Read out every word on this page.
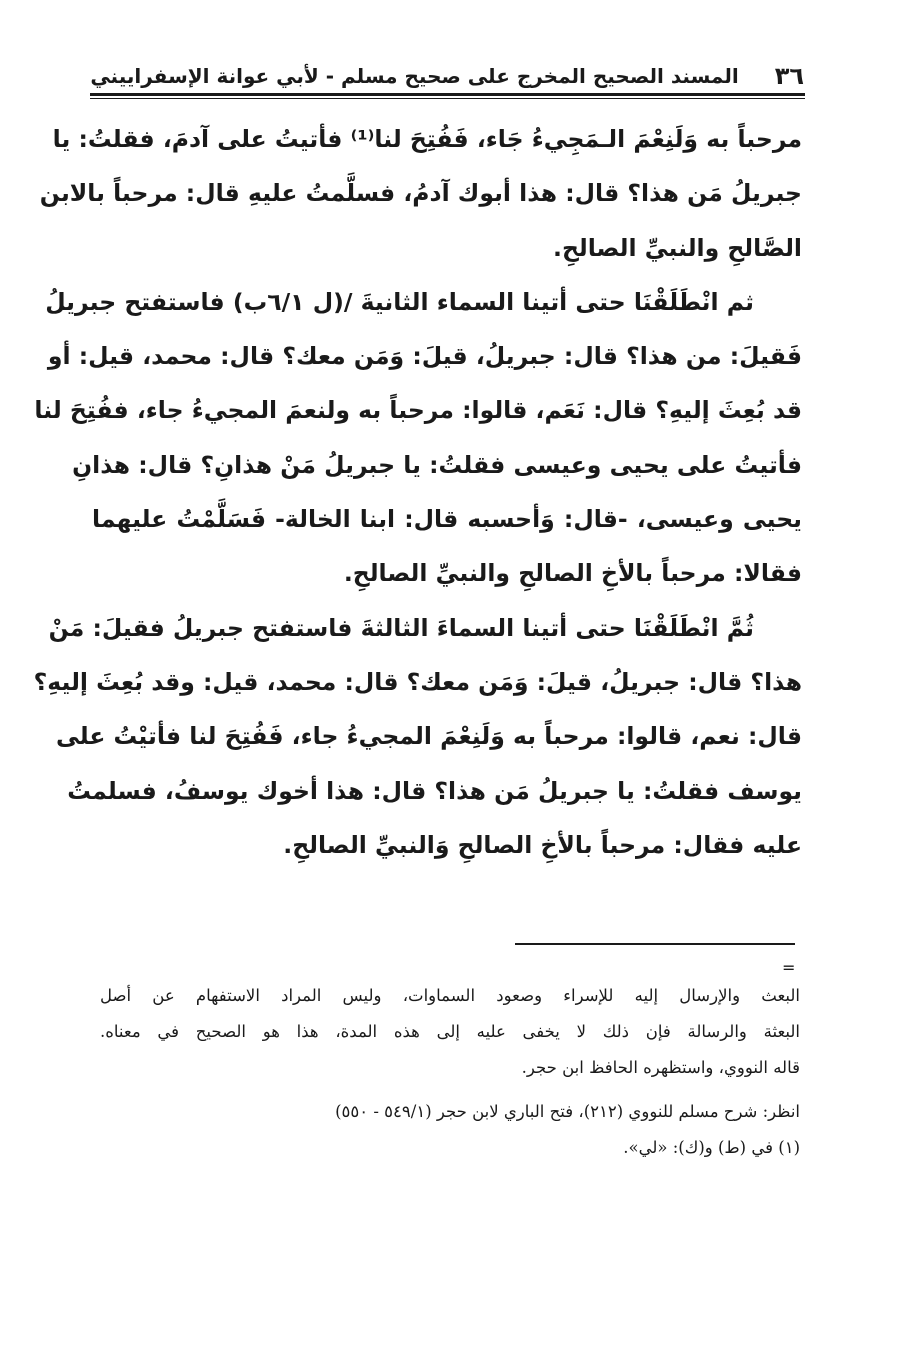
٣٦
المسند الصحيح المخرج على صحيح مسلم - لأبي عوانة الإسفراييني
مرحباً به وَلَنِعْمَ الـمَجِيءُ جَاء، فَفُتِحَ لنا⁽¹⁾ فأتيتُ على آدمَ، فقلتُ: يا
جبريلُ مَن هذا؟ قال: هذا أبوك آدمُ، فسلَّمتُ عليهِ قال: مرحباً بالابن
الصَّالحِ والنبيِّ الصالحِ.
ثم انْطَلَقْنَا حتى أتينا السماء الثانيةَ /(ل ٦/١ب) فاستفتح جبريلُ
فَقيلَ: من هذا؟ قال: جبريلُ، قيلَ: وَمَن معك؟ قال: محمد، قيل: أو
قد بُعِثَ إليهِ؟ قال: نَعَم، قالوا: مرحباً به ولنعمَ المجيءُ جاء، ففُتِحَ لنا
فأتيتُ على يحيى وعيسى فقلتُ: يا جبريلُ مَنْ هذانِ؟ قال: هذانِ
يحيى وعيسى، -قال: وَأحسبه قال: ابنا الخالة- فَسَلَّمْتُ عليهما
فقالا: مرحباً بالأخِ الصالحِ والنبيِّ الصالحِ.
ثُمَّ انْطَلَقْنَا حتى أتينا السماءَ الثالثةَ فاستفتح جبريلُ فقيلَ: مَنْ
هذا؟ قال: جبريلُ، قيلَ: وَمَن معك؟ قال: محمد، قيل: وقد بُعِثَ إليهِ؟
قال: نعم، قالوا: مرحباً به وَلَنِعْمَ المجيءُ جاء، فَفُتِحَ لنا فأتيْتُ على
يوسف فقلتُ: يا جبريلُ مَن هذا؟ قال: هذا أخوك يوسفُ، فسلمتُ
عليه فقال: مرحباً بالأخِ الصالحِ وَالنبيِّ الصالحِ.
=
البعث والإرسال إليه للإسراء وصعود السماوات، وليس المراد الاستفهام عن أصل
البعثة والرسالة فإن ذلك لا يخفى عليه إلى هذه المدة، هذا هو الصحيح في معناه.
قاله النووي، واستظهره الحافظ ابن حجر.
انظر: شرح مسلم للنووي (٢١٢)، فتح الباري لابن حجر (٥٤٩/١ - ٥٥٠)
(١) في (ط) و(ك): «لي».
